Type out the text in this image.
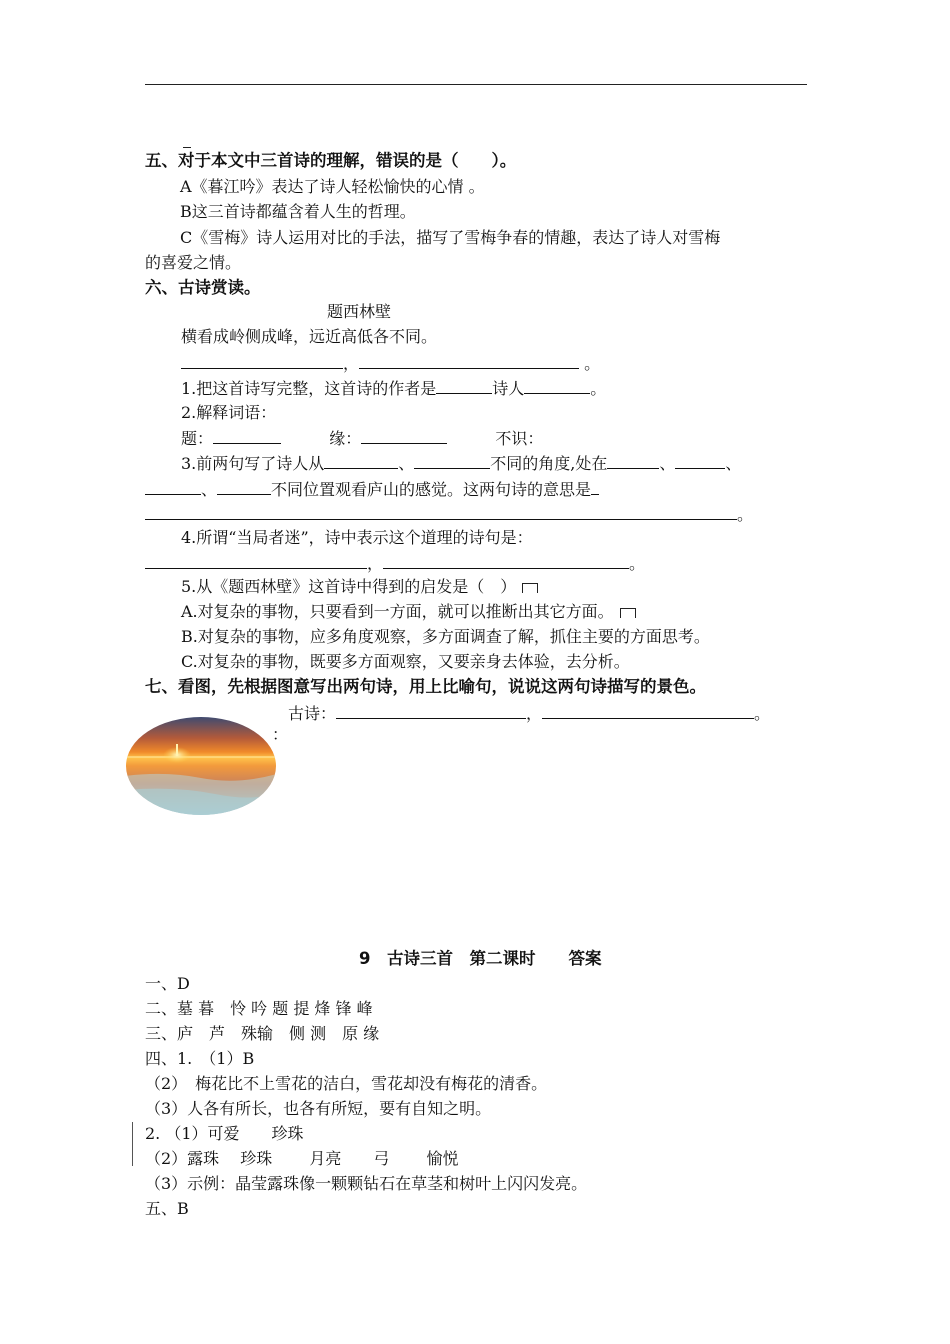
五、对于本文中三首诗的理解，错误的是（　　）。
A《暮江吟》表达了诗人轻松愉快的心情 。
B这三首诗都蕴含着人生的哲理。
C《雪梅》诗人运用对比的手法，描写了雪梅争春的情趣，表达了诗人对雪梅
的喜爱之情。
六、古诗赏读。
题西林壁
横看成岭侧成峰，远近高低各不同。
，	。
1.把这首诗写完整，这首诗的作者是	诗人	。
2.解释词语：
题：	缘：	不识：
3.前两句写了诗人从	、	不同的角度,处在	、	、
、	不同位置观看庐山的感觉。这两句诗的意思是
。
4.所谓“当局者迷”，诗中表示这个道理的诗句是：
，	。
5.从《题西林壁》这首诗中得到的启发是（　）
A.对复杂的事物，只要看到一方面，就可以推断出其它方面。
B.对复杂的事物，应多角度观察，多方面调查了解，抓住主要的方面思考。
C.对复杂的事物，既要多方面观察，又要亲身去体验，去分析。
七、看图，先根据图意写出两句诗，用上比喻句，说说这两句诗描写的景色。
古诗：	，	。
：
9　古诗三首　第二课时　　答案
一、D
二、墓 暮　怜 吟 题 提 烽 锋 峰
三、庐　芦　殊输　侧 测　原 缘
四、1.　（1）B
（2）　梅花比不上雪花的洁白，雪花却没有梅花的清香。
（3）人各有所长，也各有所短，要有自知之明。
2. （1）可爱　　珍珠
（2）露珠　 珍珠　　 月亮　　弓　　 愉悦
（3）示例：晶莹露珠像一颗颗钻石在草茎和树叶上闪闪发亮。
五、B
